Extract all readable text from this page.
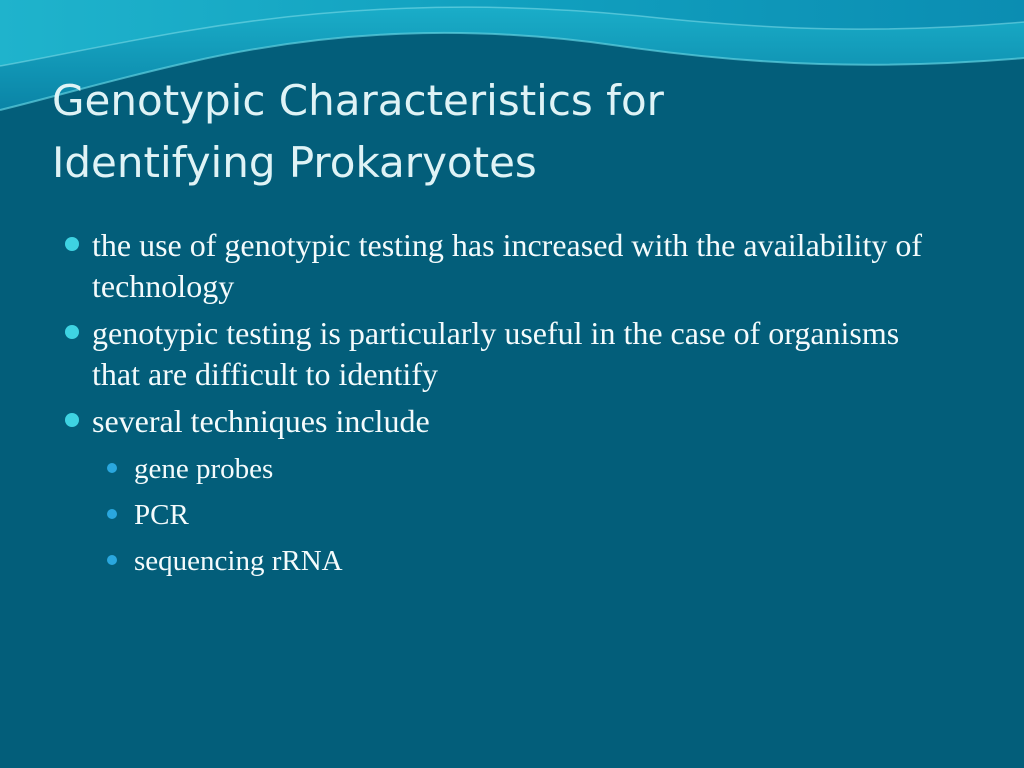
Genotypic Characteristics for
Identifying Prokaryotes
the use of genotypic testing has increased with the availability of technology
genotypic testing is particularly useful in the case of organisms that are difficult to identify
several techniques include
gene probes
PCR
sequencing rRNA
